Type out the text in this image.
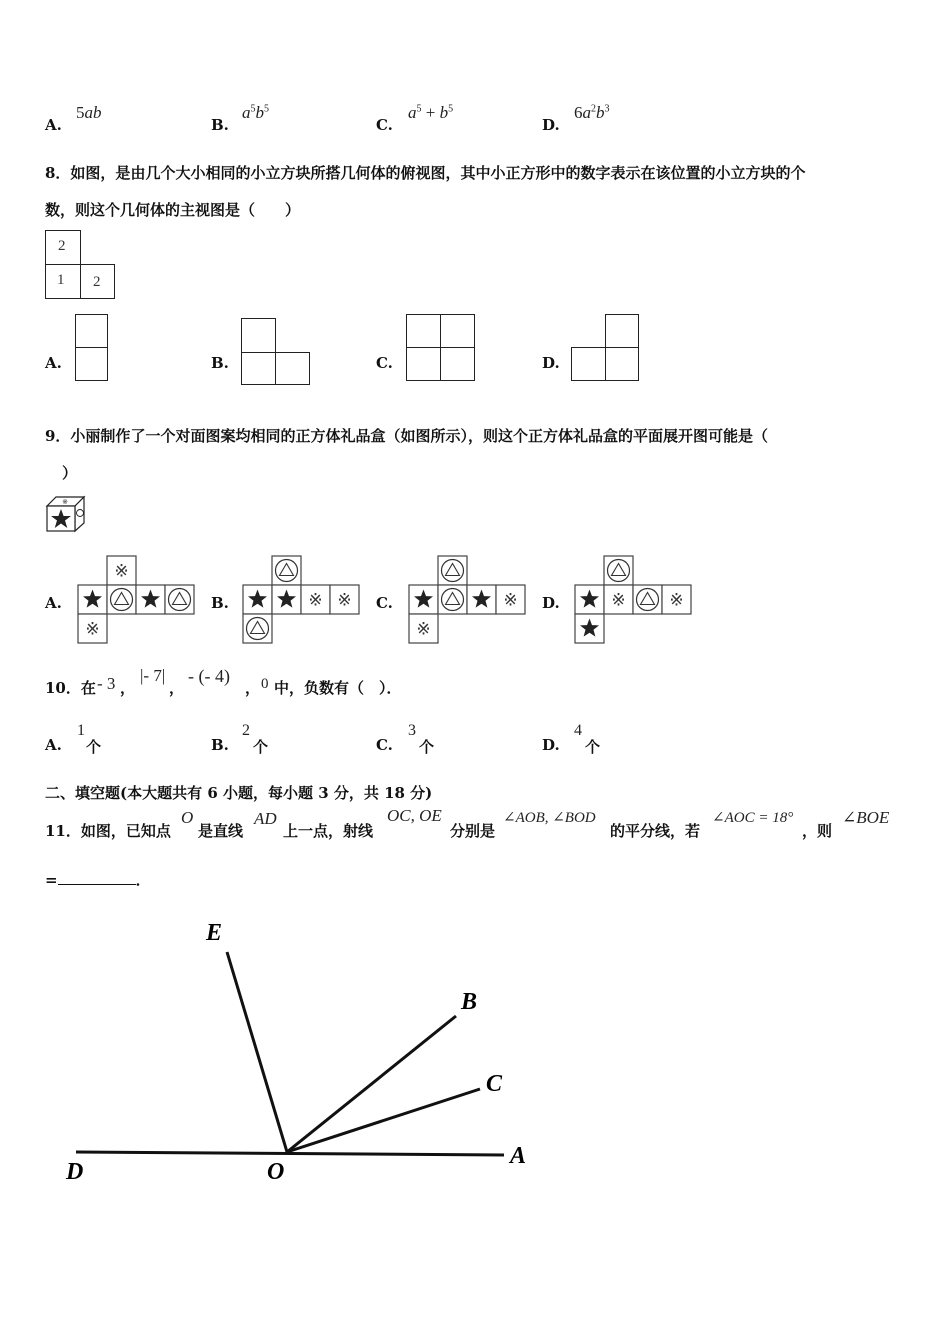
A.
5ab
B.
$a^5b^5$
C.
$a^5 + b^5$
D.
$6a^2b^3$
8．如图，是由几个大小相同的小立方块所搭几何体的俯视图，其中小正方形中的数字表示在该位置的小立方块的个
数，则这个几何体的主视图是（　　）
2
1 2
A.	B.	C.	D.
9．小丽制作了一个对面图案均相同的正方体礼品盒（如图所示），则这个正方体礼品盒的平面展开图可能是（
）
※
A.
※
※
B.	※ ※ C.	※
※
D.	※	※
10．在 - 3 ，
|- 7|
，
- (- 4)
， 0 中，负数有（　）．
A.
1
个	B.
2
个	C.
3
个	D.
4
个
二、填空题(本大题共有 6 小题，每小题 3 分，共 18 分)
11．如图，已知点
O
是直线
AD
上一点，射线
OC, OE
分别是
∠AOB, ∠BOD
的平分线，若
∠AOC = 18°
，则
∠BOE
=	．
E
B
C
D	O
A
